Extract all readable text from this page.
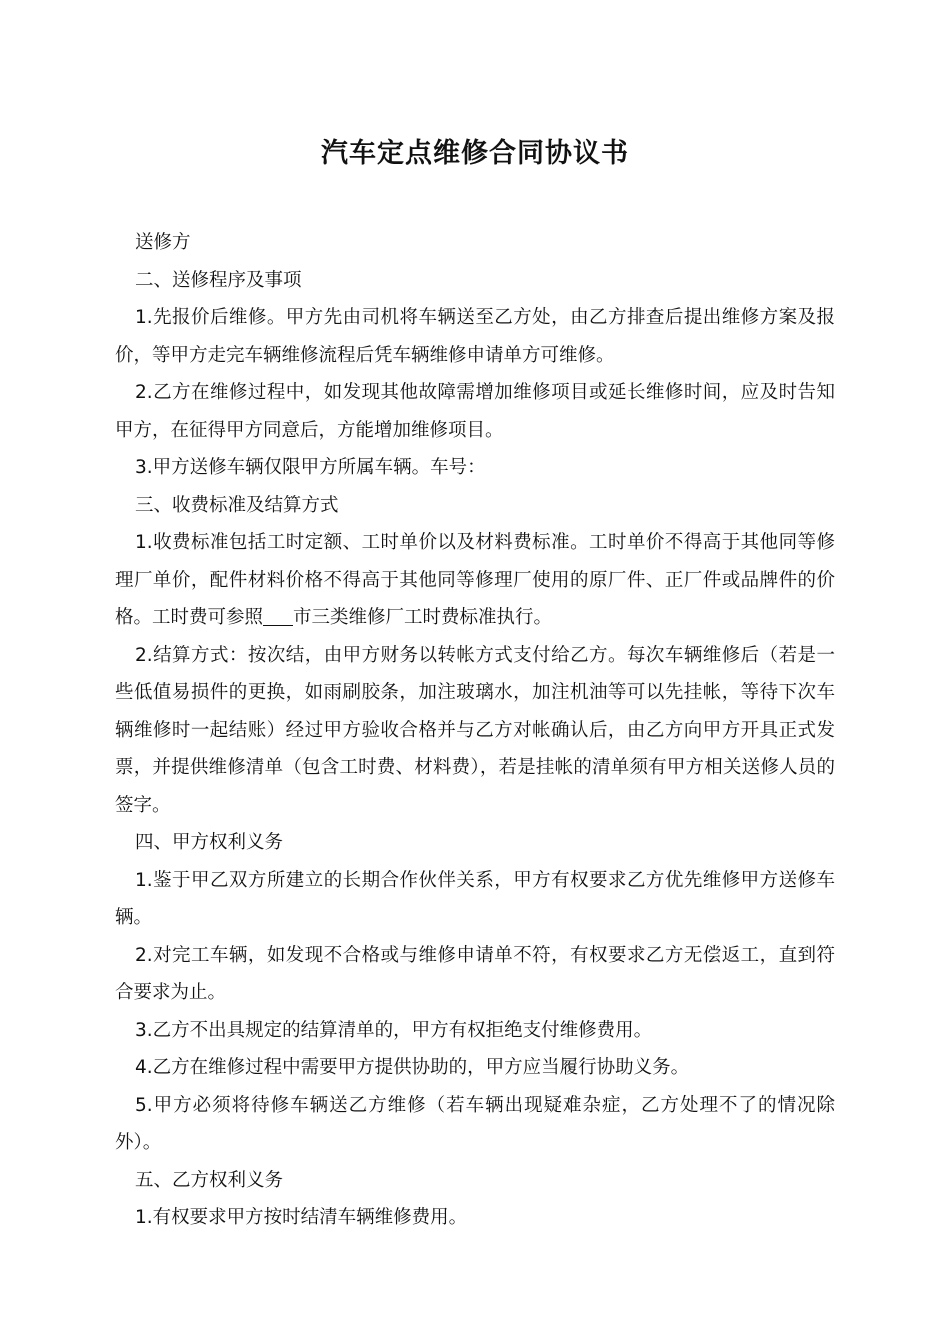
汽车定点维修合同协议书

送修方

二、送修程序及事项

1.先报价后维修。甲方先由司机将车辆送至乙方处，由乙方排查后提出维修方案及报价，等甲方走完车辆维修流程后凭车辆维修申请单方可维修。

2.乙方在维修过程中，如发现其他故障需增加维修项目或延长维修时间，应及时告知甲方，在征得甲方同意后，方能增加维修项目。

3.甲方送修车辆仅限甲方所属车辆。车号：

三、收费标准及结算方式

1.收费标准包括工时定额、工时单价以及材料费标准。工时单价不得高于其他同等修理厂单价，配件材料价格不得高于其他同等修理厂使用的原厂件、正厂件或品牌件的价格。工时费可参照 市三类维修厂工时费标准执行。

2.结算方式：按次结，由甲方财务以转帐方式支付给乙方。每次车辆维修后（若是一些低值易损件的更换，如雨刷胶条，加注玻璃水，加注机油等可以先挂帐，等待下次车辆维修时一起结账）经过甲方验收合格并与乙方对帐确认后，由乙方向甲方开具正式发票，并提供维修清单（包含工时费、材料费），若是挂帐的清单须有甲方相关送修人员的签字。

四、甲方权利义务

1.鉴于甲乙双方所建立的长期合作伙伴关系，甲方有权要求乙方优先维修甲方送修车辆。

2.对完工车辆，如发现不合格或与维修申请单不符，有权要求乙方无偿返工，直到符合要求为止。

3.乙方不出具规定的结算清单的，甲方有权拒绝支付维修费用。

4.乙方在维修过程中需要甲方提供协助的，甲方应当履行协助义务。

5.甲方必须将待修车辆送乙方维修（若车辆出现疑难杂症，乙方处理不了的情况除外）。

五、乙方权利义务

1.有权要求甲方按时结清车辆维修费用。
